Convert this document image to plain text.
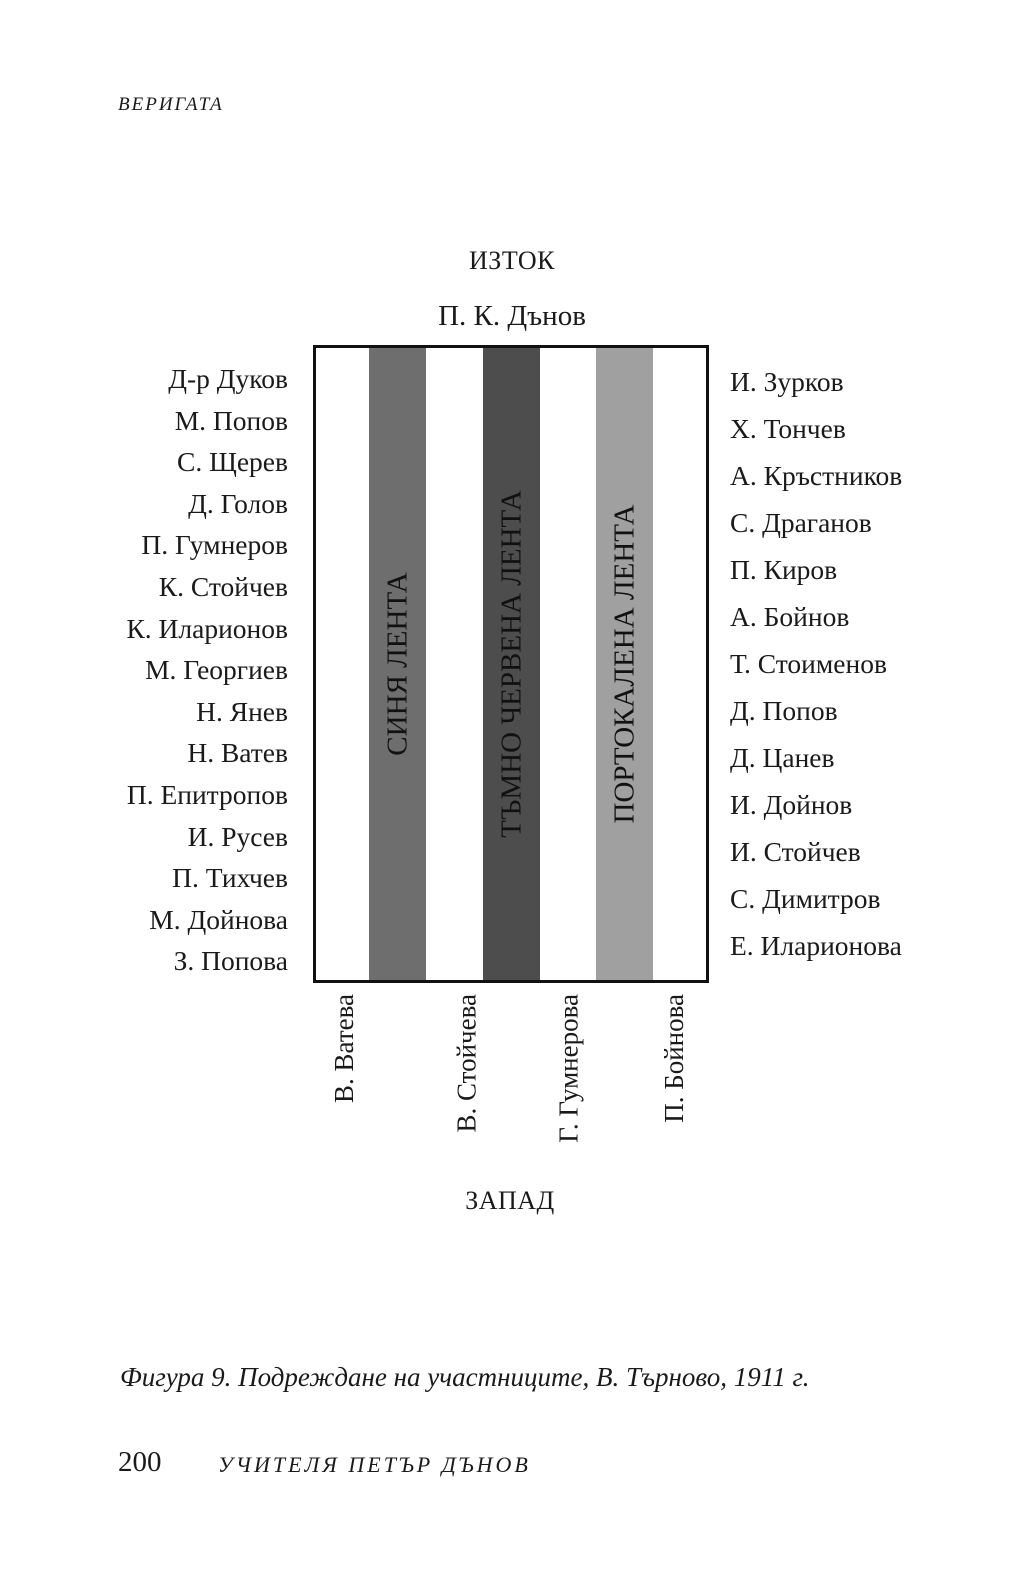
ВЕРИГАТА
ИЗТОК
П. К. Дънов
СИНЯ ЛЕНТА	ТЪМНО ЧЕРВЕНА ЛЕНТА	ПОРТОКАЛЕНА ЛЕНТА
Д-р Дуков
М. Попов
С. Щерев
Д. Голов
П. Гумнеров
К. Стойчев
К. Иларионов
М. Георгиев
Н. Янев
Н. Ватев
П. Епитропов
И. Русев
П. Тихчев
М. Дойнова
З. Попова
И. Зурков
Х. Тончев
А. Кръстников
С. Драганов
П. Киров
А. Бойнов
Т. Стоименов
Д. Попов
Д. Цанев
И. Дойнов
И. Стойчев
С. Димитров
Е. Иларионова
В. Ватева	В. Стойчева	Г. Гумнерова	П. Бойнова
ЗАПАД
Фигура 9. Подреждане на участниците, В. Търново, 1911 г.
200	УЧИТЕЛЯ ПЕТЪР ДЪНОВ
